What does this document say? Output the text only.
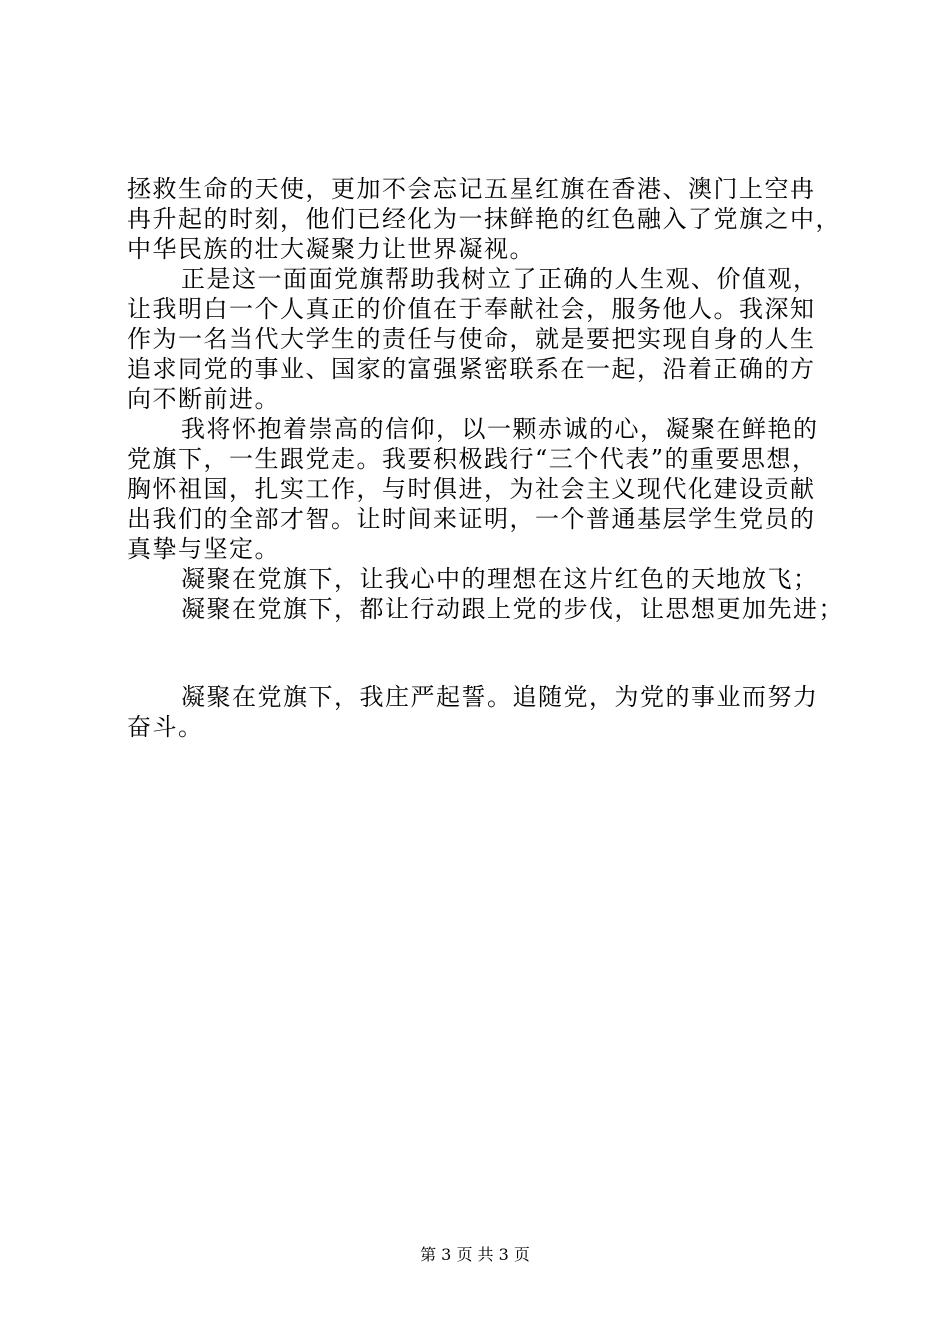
拯救生命的天使，更加不会忘记五星红旗在香港、澳门上空冉
冉升起的时刻，他们已经化为一抹鲜艳的红色融入了党旗之中，
中华民族的壮大凝聚力让世界凝视。
正是这一面面党旗帮助我树立了正确的人生观、价值观，
让我明白一个人真正的价值在于奉献社会，服务他人。我深知
作为一名当代大学生的责任与使命，就是要把实现自身的人生
追求同党的事业、国家的富强紧密联系在一起，沿着正确的方
向不断前进。
我将怀抱着崇高的信仰，以一颗赤诚的心，凝聚在鲜艳的
党旗下，一生跟党走。我要积极践行“三个代表”的重要思想，
胸怀祖国，扎实工作，与时俱进，为社会主义现代化建设贡献
出我们的全部才智。让时间来证明，一个普通基层学生党员的
真挚与坚定。
凝聚在党旗下，让我心中的理想在这片红色的天地放飞；
凝聚在党旗下，都让行动跟上党的步伐，让思想更加先进；
凝聚在党旗下，我庄严起誓。追随党，为党的事业而努力
奋斗。
第 3 页 共 3 页
